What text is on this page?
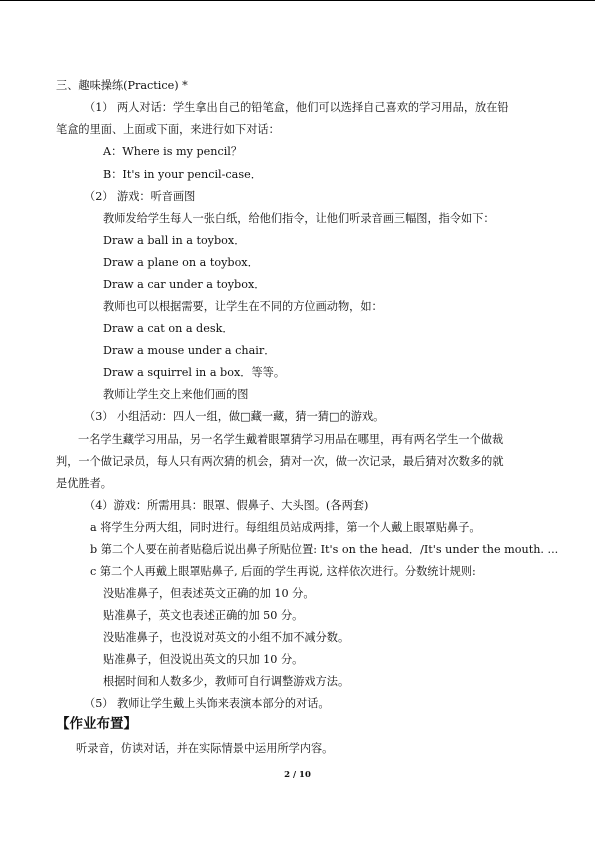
三、趣味操练(Practice) *
（1） 两人对话：学生拿出自己的铅笔盒，他们可以选择自己喜欢的学习用品，放在铅
笔盒的里面、上面或下面，来进行如下对话：
A：Where is my pencil？
B：It's in your pencil-case．
（2） 游戏：听音画图
教师发给学生每人一张白纸，给他们指令，让他们听录音画三幅图，指令如下：
Draw a ball in a toybox．
Draw a plane on a toybox．
Draw a car under a toybox．
教师也可以根据需要，让学生在不同的方位画动物，如：
Draw a cat on a desk．
Draw a mouse under a chair．
Draw a squirrel in a box．等等。
教师让学生交上来他们画的图
（3） 小组活动：四人一组，做□藏一藏，猜一猜□的游戏。
一名学生藏学习用品，另一名学生戴着眼罩猜学习用品在哪里，再有两名学生一个做裁
判，一个做记录员，每人只有两次猜的机会，猜对一次，做一次记录，最后猜对次数多的就
是优胜者。
（4）游戏：所需用具：眼罩、假鼻子、大头图。(各两套)
a 将学生分两大组，同时进行。每组组员站成两排，第一个人戴上眼罩贴鼻子。
b 第二个人要在前者贴稳后说出鼻子所贴位置: It's on the head．/It's under the mouth. ...
c 第二个人再戴上眼罩贴鼻子, 后面的学生再说, 这样依次进行。分数统计规则:
没贴准鼻子，但表述英文正确的加 10 分。
贴准鼻子，英文也表述正确的加 50 分。
没贴准鼻子，也没说对英文的小组不加不减分数。
贴准鼻子，但没说出英文的只加 10 分。
根据时间和人数多少，教师可自行调整游戏方法。
（5） 教师让学生戴上头饰来表演本部分的对话。
【作业布置】
听录音，仿读对话，并在实际情景中运用所学内容。
2 / 10
